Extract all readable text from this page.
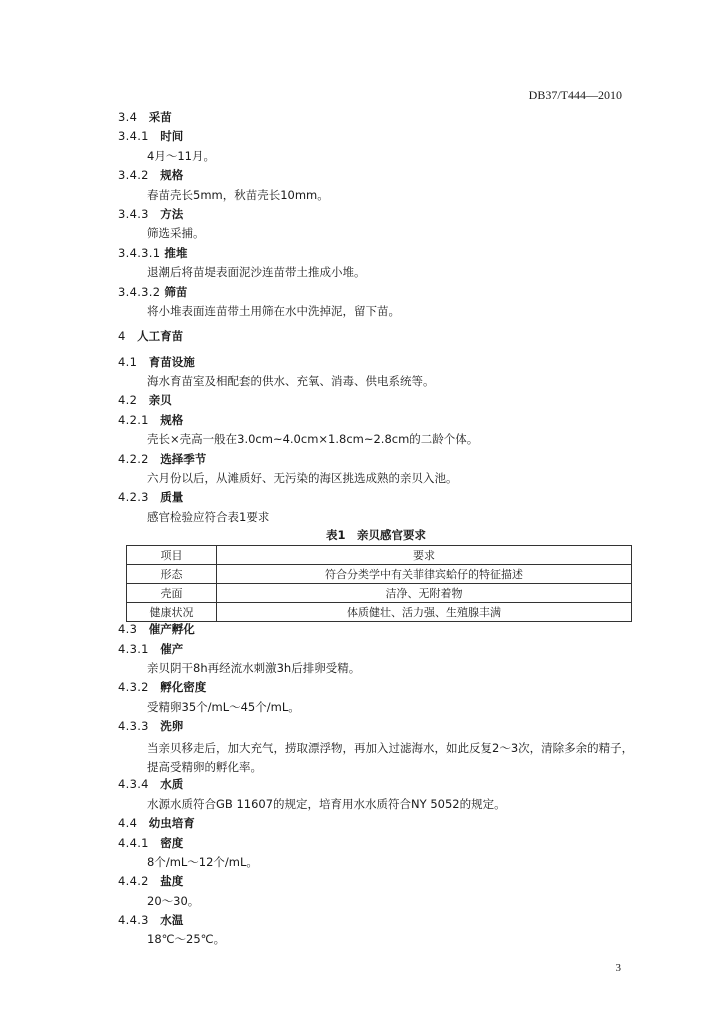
DB37/T444—2010
3.4　 采苗
3.4.1　 时间
4月～11月。
3.4.2　 规格
春苗壳长5mm，秋苗壳长10mm。
3.4.3　 方法
筛选采捕。
3.4.3.1 推堆
退潮后将苗堤表面泥沙连苗带土推成小堆。
3.4.3.2 筛苗
将小堆表面连苗带土用筛在水中洗掉泥，留下苗。
4　 人工育苗
4.1　 育苗设施
海水育苗室及相配套的供水、充氧、消毒、供电系统等。
4.2　 亲贝
4.2.1　 规格
壳长×壳高一般在3.0cm~4.0cm×1.8cm~2.8cm的二龄个体。
4.2.2　 选择季节
六月份以后，从滩质好、无污染的海区挑选成熟的亲贝入池。
4.2.3　 质量
感官检验应符合表1要求
表1　亲贝感官要求
项目	要求
形态	符合分类学中有关菲律宾蛤仔的特征描述
壳面	洁净、无附着物
健康状况	体质健壮、活力强、生殖腺丰满
4.3　 催产孵化
4.3.1　 催产
亲贝阴干8h再经流水刺激3h后排卵受精。
4.3.2　 孵化密度
受精卵35个/mL～45个/mL。
4.3.3　 洗卵
当亲贝移走后，加大充气，捞取漂浮物，再加入过滤海水，如此反复2～3次，清除多余的精子，提高受精卵的孵化率。
4.3.4　 水质
水源水质符合GB 11607的规定，培育用水水质符合NY 5052的规定。
4.4　 幼虫培育
4.4.1　 密度
8个/mL～12个/mL。
4.4.2　 盐度
20～30。
4.4.3　 水温
18℃～25℃。
3
